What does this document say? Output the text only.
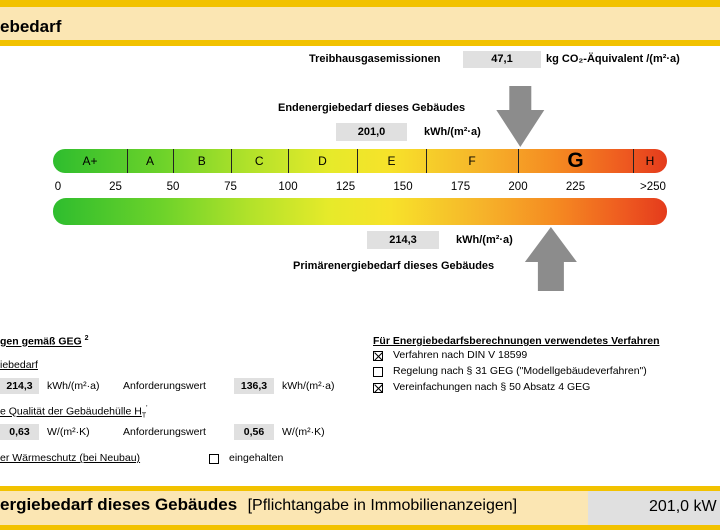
ebedarf
Treibhausgasemissionen	47,1	kg CO₂-Äquivalent /(m²·a)
Endenergiebedarf dieses Gebäudes
201,0	kWh/(m²·a)
A+	A	B	C	D	E	F	G	H
0	25	50	75	100	125	150	175	200	225	>250
214,3	kWh/(m²·a)
Primärenergiebedarf dieses Gebäudes
gen gemäß GEG $^2$
iebedarf
214,3	kWh/(m²·a) Anforderungswert	136,3	kWh/(m²·a)
e Qualität der Gebäudehülle $H_T'$
0,63	W/(m²·K)	Anforderungswert	0,56	W/(m²·K)
er Wärmeschutz (bei Neubau)	eingehalten
Für Energiebedarfsberechnungen verwendetes Verfahren
Verfahren nach DIN V 18599
Regelung nach § 31 GEG ("Modellgebäudeverfahren")
Vereinfachungen nach § 50 Absatz 4 GEG
ergiebedarf dieses Gebäudes [Pflichtangabe in Immobilienanzeigen]	201,0 kW
